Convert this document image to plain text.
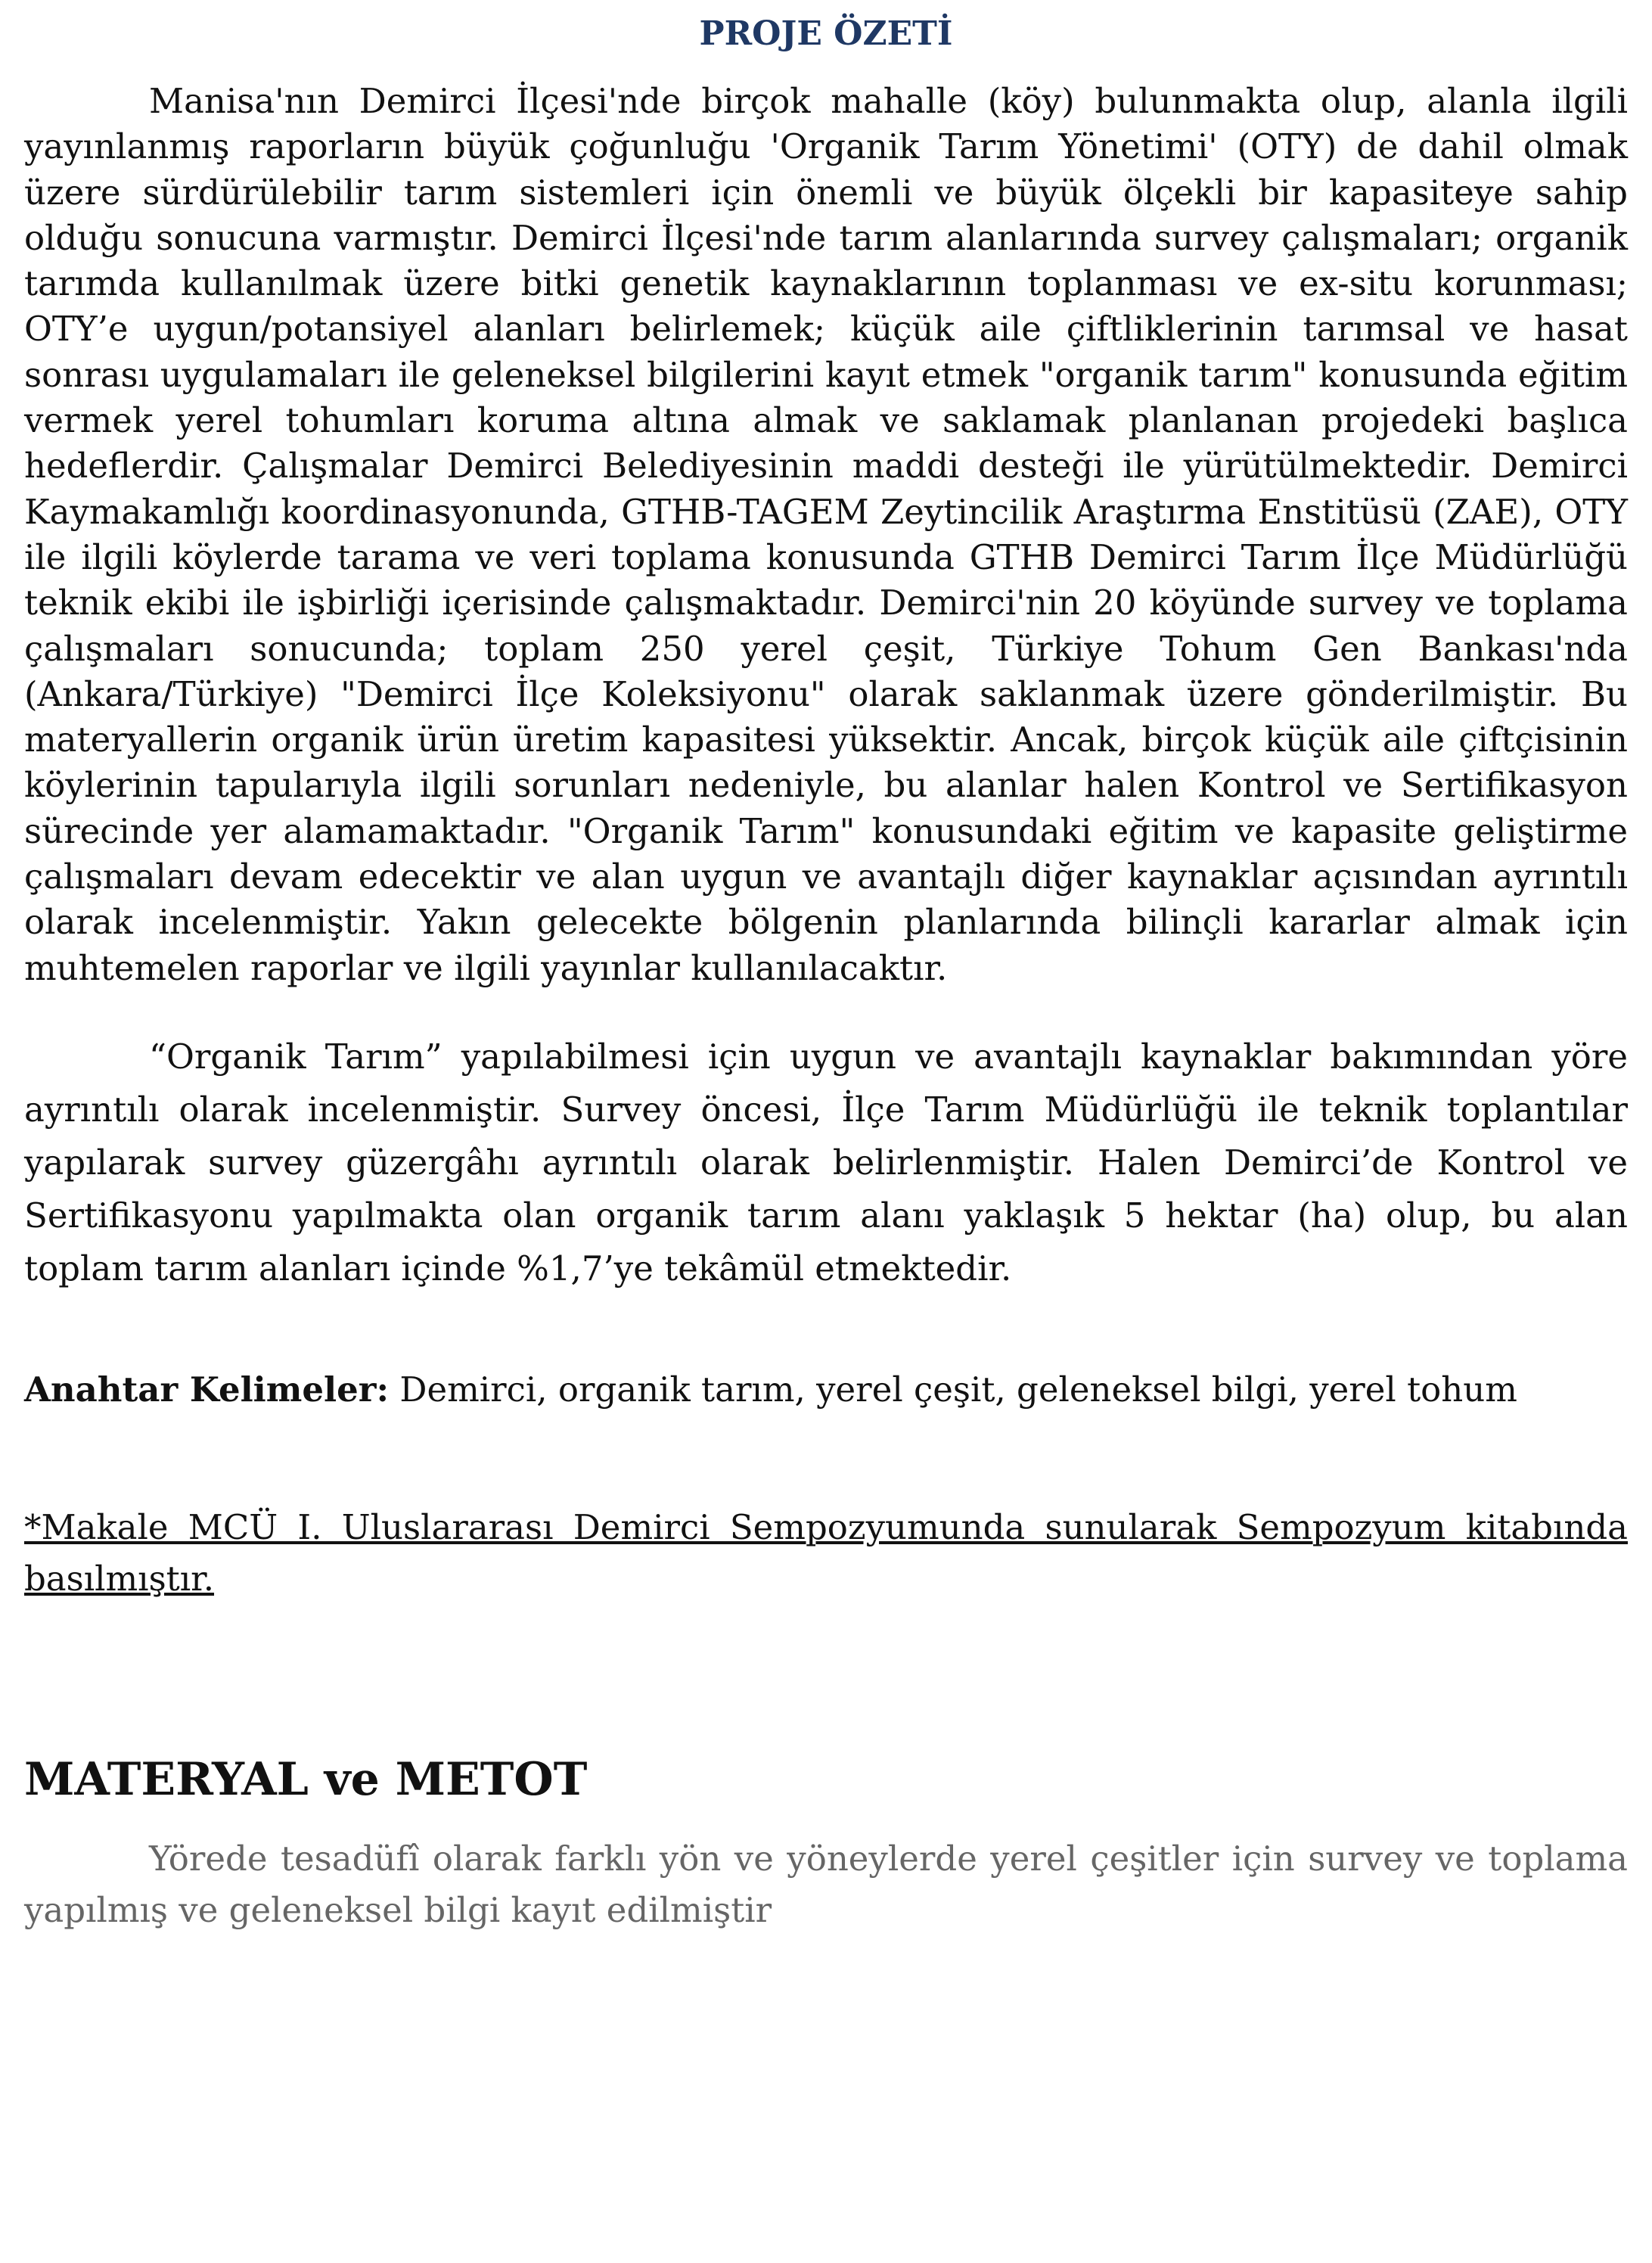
PROJE ÖZETİ

Manisa'nın Demirci İlçesi'nde birçok mahalle (köy) bulunmakta olup, alanla ilgili yayınlanmış raporların büyük çoğunluğu 'Organik Tarım Yönetimi' (OTY) de dahil olmak üzere sürdürülebilir tarım sistemleri için önemli ve büyük ölçekli bir kapasiteye sahip olduğu sonucuna varmıştır. Demirci İlçesi'nde tarım alanlarında survey çalışmaları; organik tarımda kullanılmak üzere bitki genetik kaynaklarının toplanması ve ex-situ korunması; OTY’e uygun/potansiyel alanları belirlemek; küçük aile çiftliklerinin tarımsal ve hasat sonrası uygulamaları ile geleneksel bilgilerini kayıt etmek "organik tarım" konusunda eğitim vermek yerel tohumları koruma altına almak ve saklamak planlanan projedeki başlıca hedeflerdir. Çalışmalar Demirci Belediyesinin maddi desteği ile yürütülmektedir. Demirci Kaymakamlığı koordinasyonunda, GTHB-TAGEM Zeytincilik Araştırma Enstitüsü (ZAE), OTY ile ilgili köylerde tarama ve veri toplama konusunda GTHB Demirci Tarım İlçe Müdürlüğü teknik ekibi ile işbirliği içerisinde çalışmaktadır. Demirci'nin 20 köyünde survey ve toplama çalışmaları sonucunda; toplam 250 yerel çeşit, Türkiye Tohum Gen Bankası'nda (Ankara/Türkiye) "Demirci İlçe Koleksiyonu" olarak saklanmak üzere gönderilmiştir. Bu materyallerin organik ürün üretim kapasitesi yüksektir. Ancak, birçok küçük aile çiftçisinin köylerinin tapularıyla ilgili sorunları nedeniyle, bu alanlar halen Kontrol ve Sertifikasyon sürecinde yer alamamaktadır. "Organik Tarım" konusundaki eğitim ve kapasite geliştirme çalışmaları devam edecektir ve alan uygun ve avantajlı diğer kaynaklar açısından ayrıntılı olarak incelenmiştir. Yakın gelecekte bölgenin planlarında bilinçli kararlar almak için muhtemelen raporlar ve ilgili yayınlar kullanılacaktır.

“Organik Tarım” yapılabilmesi için uygun ve avantajlı kaynaklar bakımından yöre ayrıntılı olarak incelenmiştir. Survey öncesi, İlçe Tarım Müdürlüğü ile teknik toplantılar yapılarak survey güzergâhı ayrıntılı olarak belirlenmiştir. Halen Demirci’de Kontrol ve Sertifikasyonu yapılmakta olan organik tarım alanı yaklaşık 5 hektar (ha) olup, bu alan toplam tarım alanları içinde %1,7’ye tekâmül etmektedir.

Anahtar Kelimeler: Demirci, organik tarım, yerel çeşit, geleneksel bilgi, yerel tohum

*Makale MCÜ I. Uluslararası Demirci Sempozyumunda sunularak Sempozyum kitabında basılmıştır.

MATERYAL ve METOT

Yörede tesadüfî olarak farklı yön ve yöneylerde yerel çeşitler için survey ve toplama yapılmış ve geleneksel bilgi kayıt edilmiştir
